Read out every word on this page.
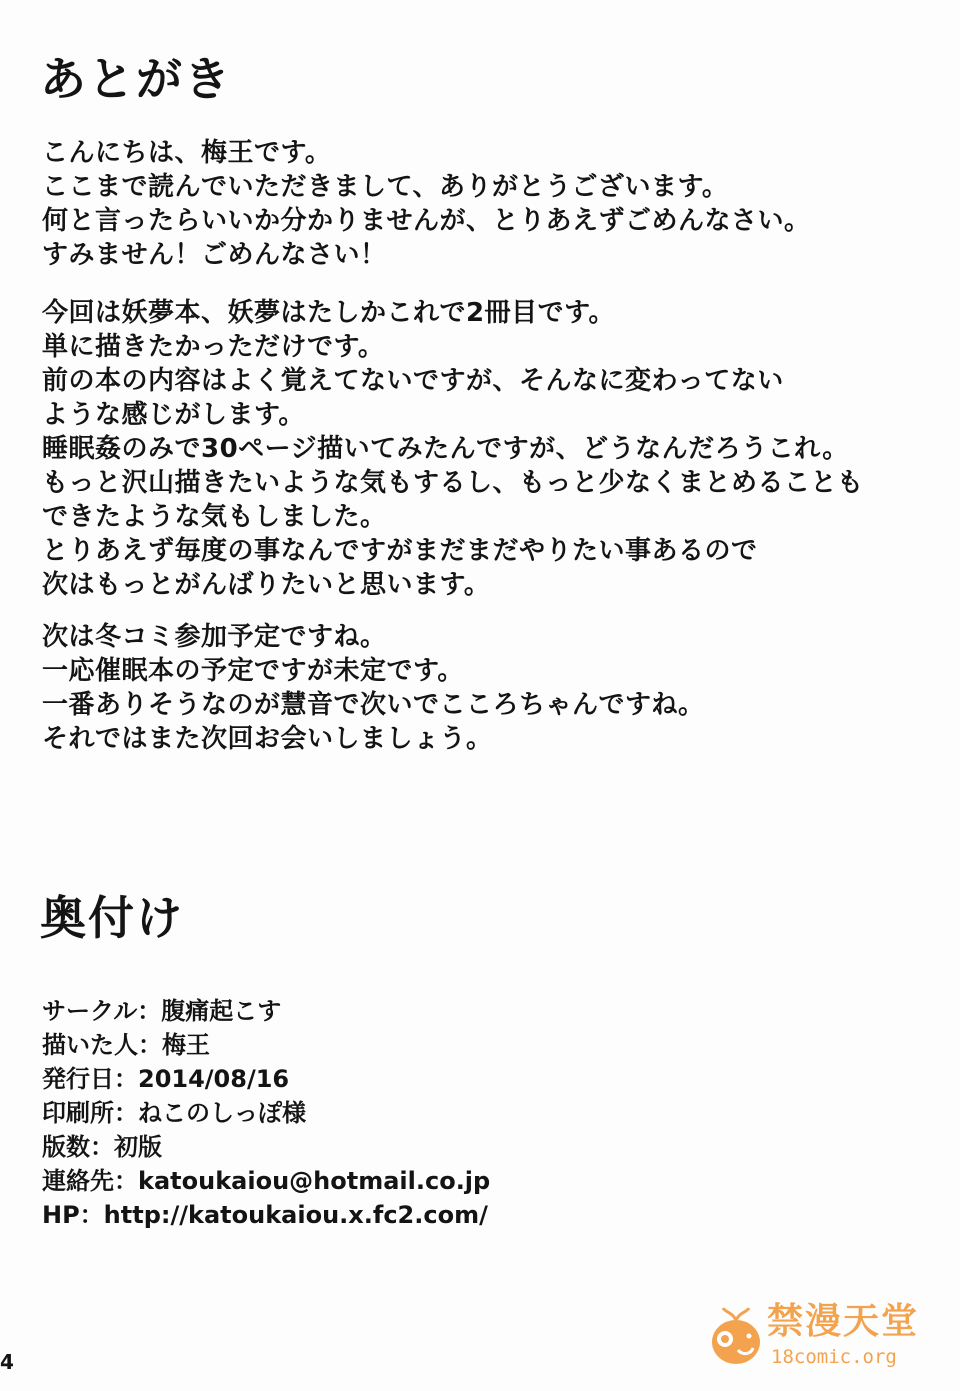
あとがき
こんにちは、梅王です。
ここまで読んでいただきまして、ありがとうございます。
何と言ったらいいか分かりませんが、とりあえずごめんなさい。
すみません！ごめんなさい！
今回は妖夢本、妖夢はたしかこれで2冊目です。
単に描きたかっただけです。
前の本の内容はよく覚えてないですが、そんなに変わってない
ような感じがします。
睡眠姦のみで30ページ描いてみたんですが、どうなんだろうこれ。
もっと沢山描きたいような気もするし、もっと少なくまとめることも
できたような気もしました。
とりあえず毎度の事なんですがまだまだやりたい事あるので
次はもっとがんばりたいと思います。
次は冬コミ参加予定ですね。
一応催眠本の予定ですが未定です。
一番ありそうなのが慧音で次いでこころちゃんですね。
それではまた次回お会いしましょう。
奥付け
サークル：腹痛起こす
描いた人：梅王
発行日：2014/08/16
印刷所：ねこのしっぽ様
版数：初版
連絡先：katoukaiou@hotmail.co.jp
HP：http://katoukaiou.x.fc2.com/
4
禁漫天堂
18comic.org
